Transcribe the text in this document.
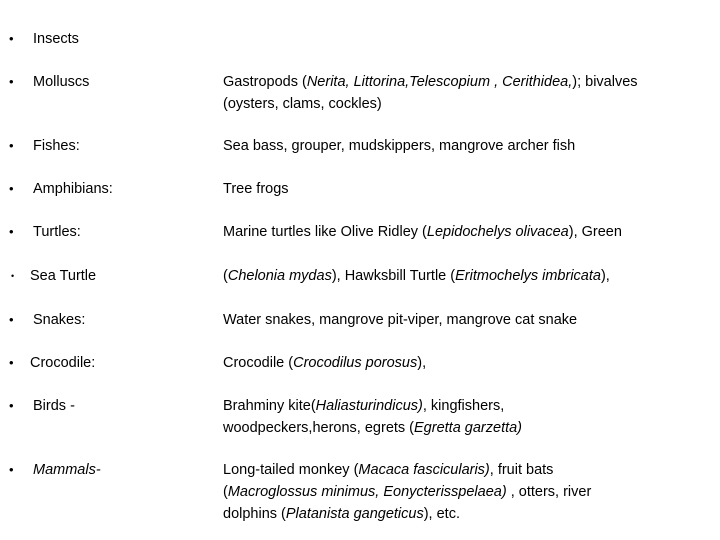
• Insects
• Molluscs	Gastropods (Nerita, Littorina,Telescopium , Cerithidea,); bivalves
(oysters, clams, cockles)
• Fishes:	Sea bass, grouper, mudskippers, mangrove archer fish
• Amphibians:	Tree frogs
• Turtles:	Marine turtles like Olive Ridley (Lepidochelys olivacea), Green
• Sea Turtle	(Chelonia mydas), Hawksbill Turtle (Eritmochelys imbricata),
• Snakes:	Water snakes, mangrove pit-viper, mangrove cat snake
• Crocodile:	Crocodile (Crocodilus porosus),
• Birds -	Brahminy kite(Haliasturindicus), kingfishers,
woodpeckers,herons, egrets (Egretta garzetta)
• Mammals-	Long-tailed monkey (Macaca fascicularis), fruit bats
(Macroglossus minimus, Eonycterisspelaea) , otters, river
dolphins (Platanista gangeticus), etc.
